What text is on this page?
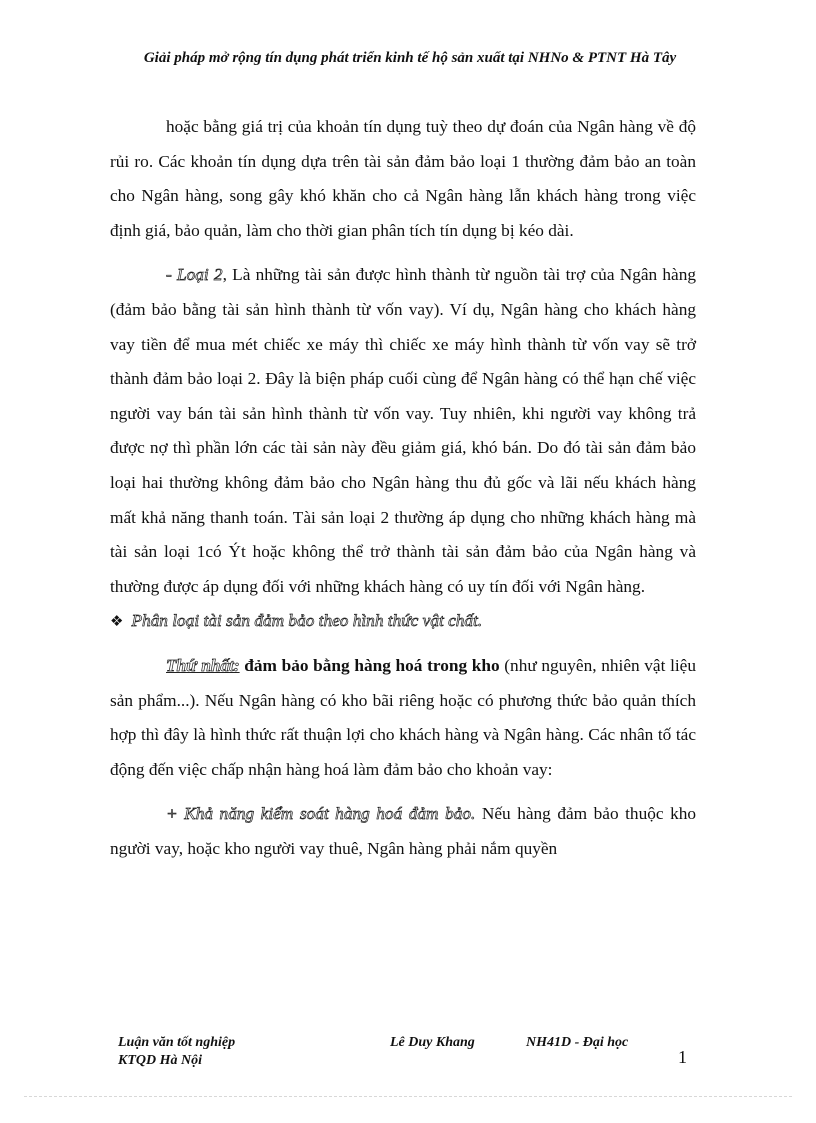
Giải pháp mở rộng tín dụng phát triển kinh tế hộ sản xuất tại NHNo & PTNT Hà Tây

hoặc bằng giá trị của khoản tín dụng tuỳ theo dự đoán của Ngân hàng về độ rủi ro. Các khoản tín dụng dựa trên tài sản đảm bảo loại 1 thường đảm bảo an toàn cho Ngân hàng, song gây khó khăn cho cả Ngân hàng lẫn khách hàng trong việc định giá, bảo quản, làm cho thời gian phân tích tín dụng bị kéo dài.

- Loại 2, Là những tài sản được hình thành từ nguồn tài trợ của Ngân hàng (đảm bảo bằng tài sản hình thành từ vốn vay). Ví dụ, Ngân hàng cho khách hàng vay tiền để mua mét chiếc xe máy thì chiếc xe máy hình thành từ vốn vay sẽ trở thành đảm bảo loại 2. Đây là biện pháp cuối cùng để Ngân hàng có thể hạn chế việc người vay bán tài sản hình thành từ vốn vay. Tuy nhiên, khi người vay không trả được nợ thì phần lớn các tài sản này đều giảm giá, khó bán. Do đó tài sản đảm bảo loại hai thường không đảm bảo cho Ngân hàng thu đủ gốc và lãi nếu khách hàng mất khả năng thanh toán. Tài sản loại 2 thường áp dụng cho những khách hàng mà tài sản loại 1có Ýt hoặc không thể trở thành tài sản đảm bảo của Ngân hàng và thường được áp dụng đối với những khách hàng có uy tín đối với Ngân hàng.

❖ Phân loại tài sản đảm bảo theo hình thức vật chất.

Thứ nhất: đảm bảo bằng hàng hoá trong kho (như nguyên, nhiên vật liệu sản phẩm...). Nếu Ngân hàng có kho bãi riêng hoặc có phương thức bảo quản thích hợp thì đây là hình thức rất thuận lợi cho khách hàng và Ngân hàng. Các nhân tố tác động đến việc chấp nhận hàng hoá làm đảm bảo cho khoản vay:

+ Khả năng kiểm soát hàng hoá đảm bảo. Nếu hàng đảm bảo thuộc kho người vay, hoặc kho người vay thuê, Ngân hàng phải nắm quyền

Luận văn tốt nghiệp
KTQD Hà Nội
Lê Duy Khang	NH41D - Đại học
1
